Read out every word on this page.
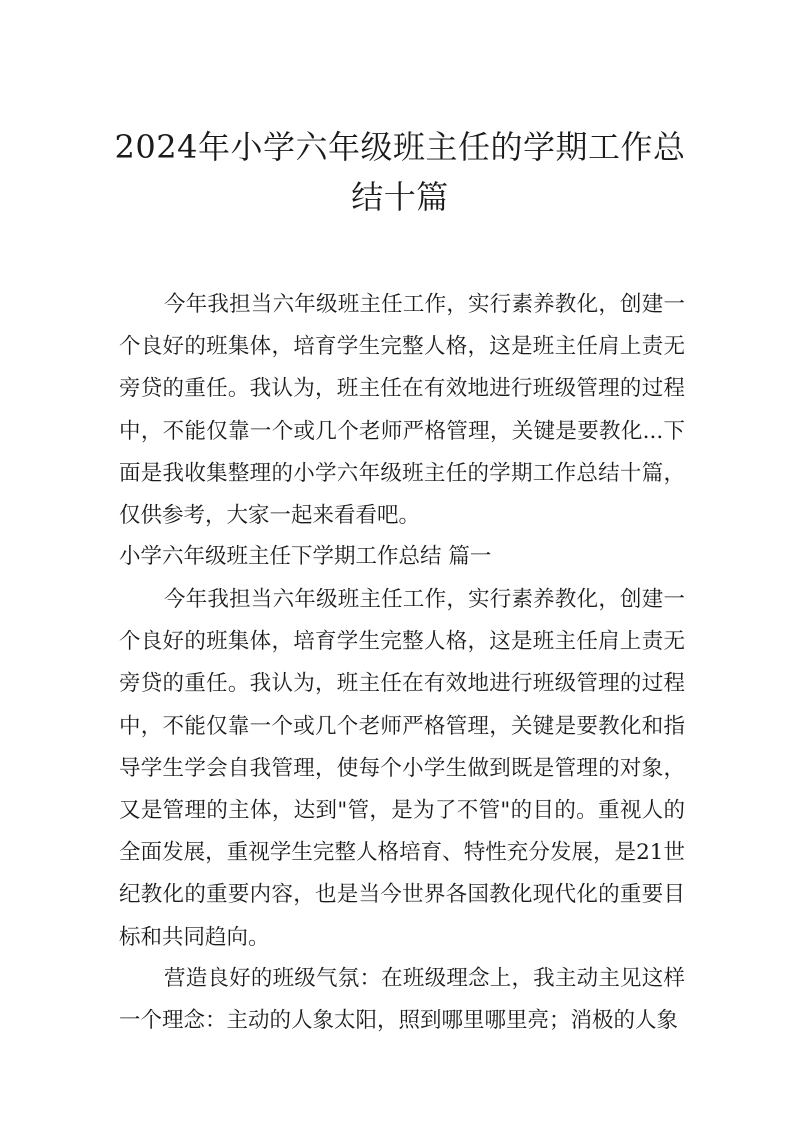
2024年小学六年级班主任的学期工作总结十篇

今年我担当六年级班主任工作，实行素养教化，创建一个良好的班集体，培育学生完整人格，这是班主任肩上责无旁贷的重任。我认为，班主任在有效地进行班级管理的过程中，不能仅靠一个或几个老师严格管理，关键是要教化...下面是我收集整理的小学六年级班主任的学期工作总结十篇，仅供参考，大家一起来看看吧。

小学六年级班主任下学期工作总结 篇一

今年我担当六年级班主任工作，实行素养教化，创建一个良好的班集体，培育学生完整人格，这是班主任肩上责无旁贷的重任。我认为，班主任在有效地进行班级管理的过程中，不能仅靠一个或几个老师严格管理，关键是要教化和指导学生学会自我管理，使每个小学生做到既是管理的对象，又是管理的主体，达到"管，是为了不管"的目的。重视人的全面发展，重视学生完整人格培育、特性充分发展，是21世纪教化的重要内容，也是当今世界各国教化现代化的重要目标和共同趋向。

营造良好的班级气氛：在班级理念上，我主动主见这样一个理念：主动的人象太阳，照到哪里哪里亮；消极的人象
